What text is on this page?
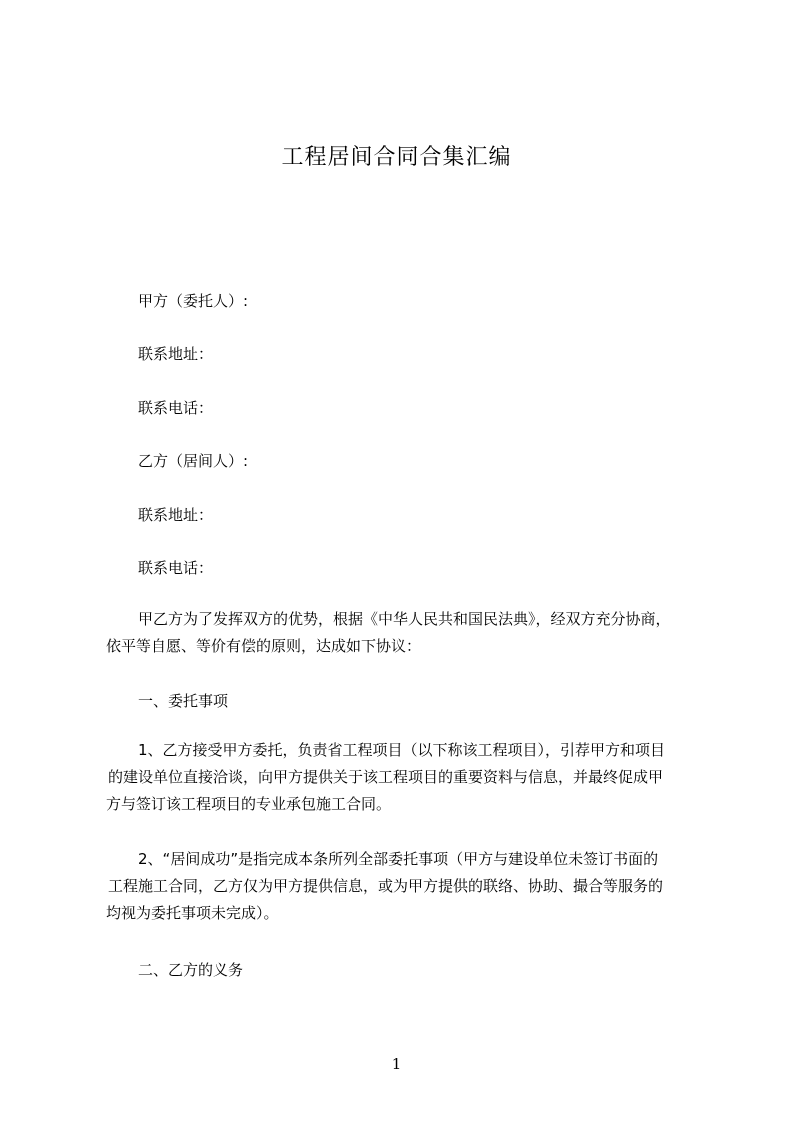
工程居间合同合集汇编
甲方（委托人）:
联系地址：
联系电话：
乙方（居间人）:
联系地址：
联系电话：
甲乙方为了发挥双方的优势，根据《中华人民共和国民法典》，经双方充分协商，
依平等自愿、等价有偿的原则，达成如下协议：
一、委托事项
1、乙方接受甲方委托，负责省工程项目（以下称该工程项目），引荐甲方和项目
的建设单位直接洽谈，向甲方提供关于该工程项目的重要资料与信息，并最终促成甲
方与签订该工程项目的专业承包施工合同。
2、“居间成功”是指完成本条所列全部委托事项（甲方与建设单位未签订书面的
工程施工合同，乙方仅为甲方提供信息，或为甲方提供的联络、协助、撮合等服务的
均视为委托事项未完成）。
二、乙方的义务
1
